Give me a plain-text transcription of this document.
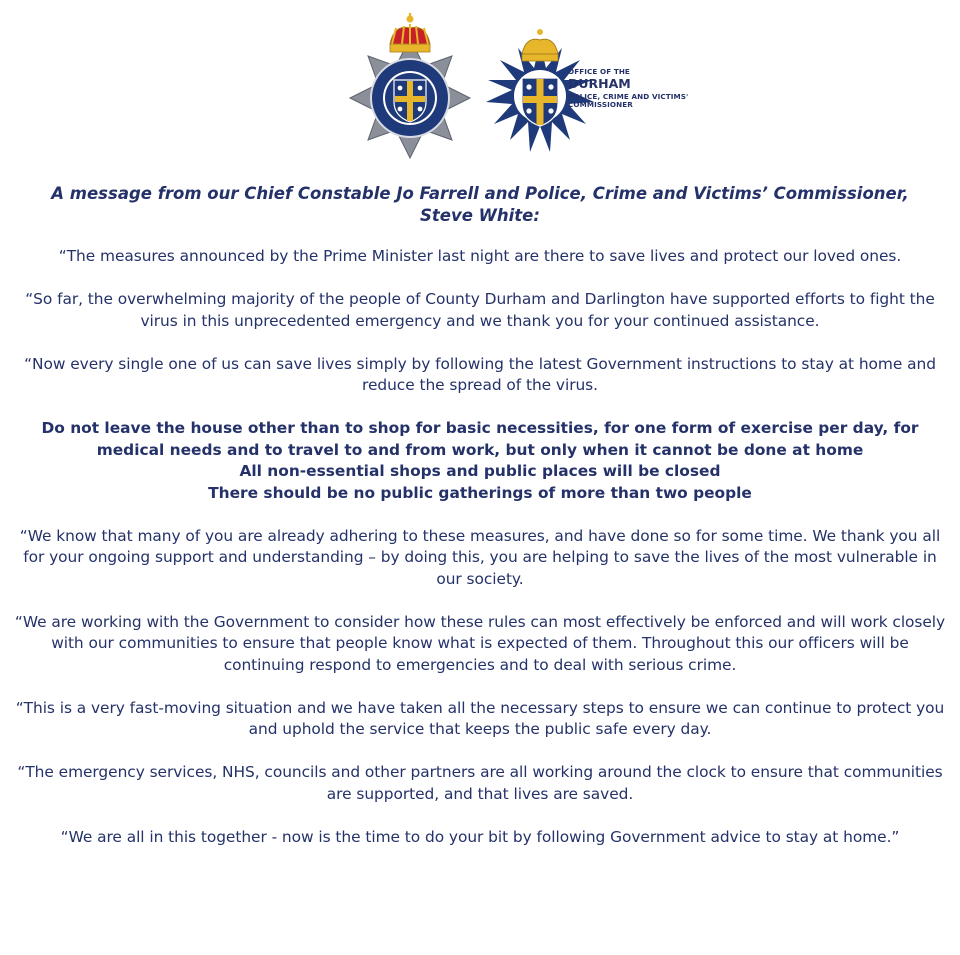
OFFICE OF THE
DURHAM
POLICE, CRIME AND VICTIMS'
COMMISSIONER
A message from our Chief Constable Jo Farrell and Police, Crime and Victims’ Commissioner, Steve White:

“The measures announced by the Prime Minister last night are there to save lives and protect our loved ones.

“So far, the overwhelming majority of the people of County Durham and Darlington have supported efforts to fight the virus in this unprecedented emergency and we thank you for your continued assistance.

“Now every single one of us can save lives simply by following the latest Government instructions to stay at home and reduce the spread of the virus.

Do not leave the house other than to shop for basic necessities, for one form of exercise per day, for medical needs and to travel to and from work, but only when it cannot be done at home
All non-essential shops and public places will be closed
There should be no public gatherings of more than two people

“We know that many of you are already adhering to these measures, and have done so for some time. We thank you all for your ongoing support and understanding – by doing this, you are helping to save the lives of the most vulnerable in our society.

“We are working with the Government to consider how these rules can most effectively be enforced and will work closely with our communities to ensure that people know what is expected of them. Throughout this our officers will be continuing respond to emergencies and to deal with serious crime.

“This is a very fast-moving situation and we have taken all the necessary steps to ensure we can continue to protect you and uphold the service that keeps the public safe every day.

“The emergency services, NHS, councils and other partners are all working around the clock to ensure that communities are supported, and that lives are saved.

“We are all in this together - now is the time to do your bit by following Government advice to stay at home.”
